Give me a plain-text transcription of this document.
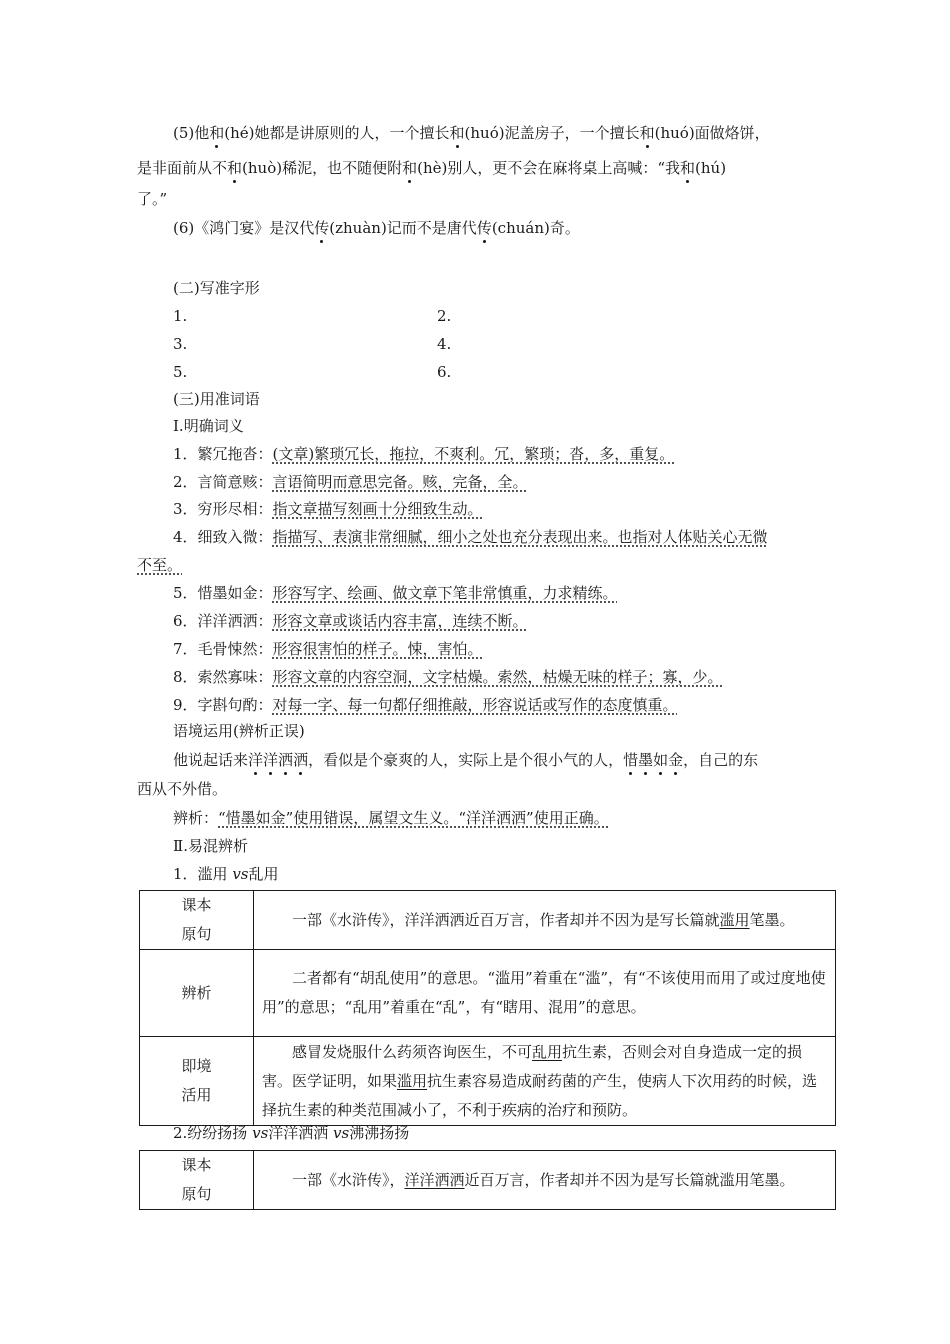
(5)他和(hé)她都是讲原则的人，一个擅长和(huó)泥盖房子，一个擅长和(huó)面做烙饼，
是非面前从不和(huò)稀泥，也不随便附和(hè)别人，更不会在麻将桌上高喊：“我和(hú)
了。”
(6)《鸿门宴》是汉代传(zhuàn)记而不是唐代传(chuán)奇。
(二)写准字形
1.	2.
3.	4.
5.	6.
(三)用准词语
Ⅰ.明确词义
1．繁冗拖沓：(文章)繁琐冗长，拖拉，不爽利。冗，繁琐；沓，多，重复。
2．言简意赅：言语简明而意思完备。赅，完备，全。
3．穷形尽相：指文章描写刻画十分细致生动。
4．细致入微：指描写、表演非常细腻，细小之处也充分表现出来。也指对人体贴关心无微
不至。
5．惜墨如金：形容写字、绘画、做文章下笔非常慎重，力求精练。
6．洋洋洒洒：形容文章或谈话内容丰富，连续不断。
7．毛骨悚然：形容很害怕的样子。悚，害怕。
8．索然寡味：形容文章的内容空洞，文字枯燥。索然，枯燥无味的样子；寡，少。
9．字斟句酌：对每一字、每一句都仔细推敲，形容说话或写作的态度慎重。
语境运用(辨析正误)
他说起话来洋洋洒洒，看似是个豪爽的人，实际上是个很小气的人，惜墨如金，自己的东
西从不外借。
辨析：“惜墨如金”使用错误，属望文生义。“洋洋洒洒”使用正确。
Ⅱ.易混辨析
1．滥用 vs乱用
课本
原句	一部《水浒传》，洋洋洒洒近百万言，作者却并不因为是写长篇就滥用笔墨。
辨析	二者都有“胡乱使用”的意思。“滥用”着重在“滥”，有“不该使用而用了或过度地使用”的意思；“乱用”着重在“乱”，有“瞎用、混用”的意思。
即境
活用	感冒发烧服什么药须咨询医生，不可乱用抗生素，否则会对自身造成一定的损害。医学证明，如果滥用抗生素容易造成耐药菌的产生，使病人下次用药的时候，选择抗生素的种类范围减小了，不利于疾病的治疗和预防。
2.纷纷扬扬 vs洋洋洒洒 vs沸沸扬扬
课本
原句	一部《水浒传》，洋洋洒洒近百万言，作者却并不因为是写长篇就滥用笔墨。
